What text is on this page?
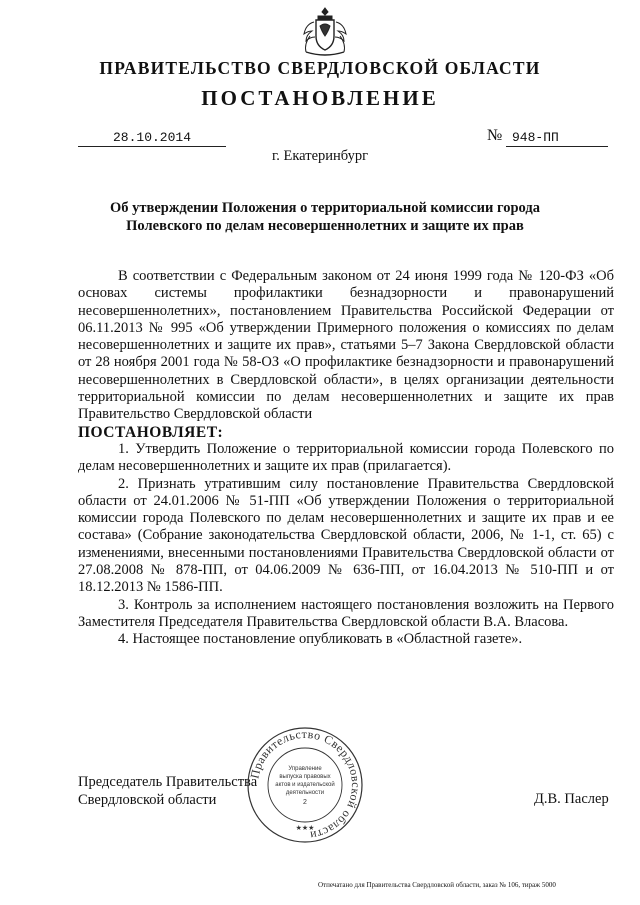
ПРАВИТЕЛЬСТВО СВЕРДЛОВСКОЙ ОБЛАСТИ
ПОСТАНОВЛЕНИЕ
28.10.2014	№ 948-ПП
г. Екатеринбург
Об утверждении Положения о территориальной комиссии города
Полевского по делам несовершеннолетних и защите их прав

В соответствии с Федеральным законом от 24 июня 1999 года № 120-ФЗ «Об основах системы профилактики безнадзорности и правонарушений несовершеннолетних», постановлением Правительства Российской Федерации от 06.11.2013 № 995 «Об утверждении Примерного положения о комиссиях по делам несовершеннолетних и защите их прав», статьями 5–7 Закона Свердловской области от 28 ноября 2001 года № 58-ОЗ «О профилактике безнадзорности и правонарушений несовершеннолетних в Свердловской области», в целях организации деятельности территориальной комиссии по делам несовершеннолетних и защите их прав Правительство Свердловской области

ПОСТАНОВЛЯЕТ:

1. Утвердить Положение о территориальной комиссии города Полевского по делам несовершеннолетних и защите их прав (прилагается).

2. Признать утратившим силу постановление Правительства Свердловской области от 24.01.2006 № 51-ПП «Об утверждении Положения о территориальной комиссии города Полевского по делам несовершеннолетних и защите их прав и ее состава» (Собрание законодательства Свердловской области, 2006, № 1-1, ст. 65) с изменениями, внесенными постановлениями Правительства Свердловской области от 27.08.2008 № 878-ПП, от 04.06.2009 № 636-ПП, от 16.04.2013 № 510-ПП и от 18.12.2013 № 1586-ПП.

3. Контроль за исполнением настоящего постановления возложить на Первого Заместителя Председателя Правительства Свердловской области В.А. Власова.

4. Настоящее постановление опубликовать в «Областной газете».

Председатель Правительства
Свердловской области	Д.В. Паслер
Правительство Свердловской области
Управление
выпуска правовых
актов и издательской
деятельности
2
★★★
Отпечатано для Правительства Свердловской области, заказ № 106, тираж 5000
